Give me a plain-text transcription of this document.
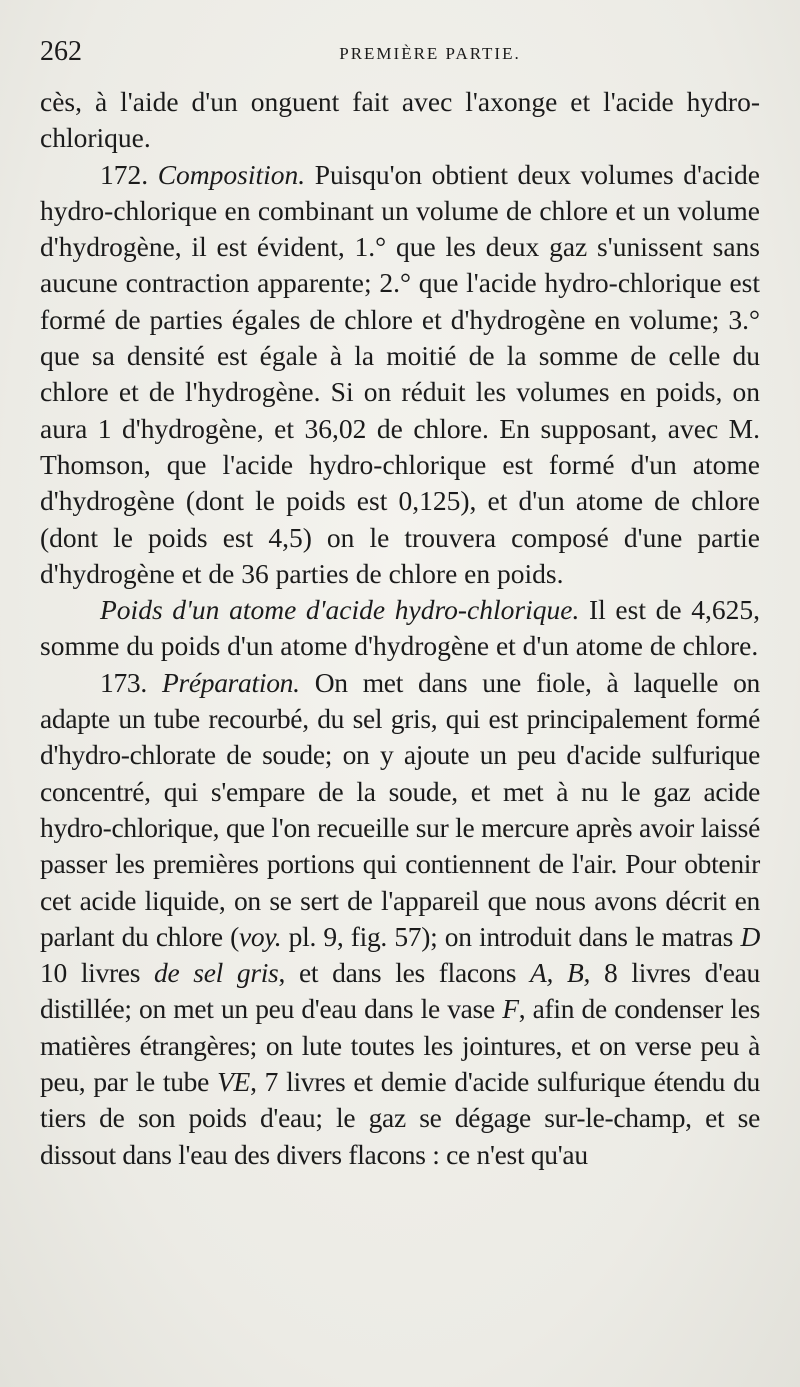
262	PREMIÈRE PARTIE.

cès, à l'aide d'un onguent fait avec l'axonge et l'acide hydro-chlorique.

172. Composition. Puisqu'on obtient deux volumes d'acide hydro-chlorique en combinant un volume de chlore et un volume d'hydrogène, il est évident, 1.° que les deux gaz s'unissent sans aucune contraction apparente; 2.° que l'acide hydro-chlorique est formé de parties égales de chlore et d'hydrogène en volume; 3.° que sa densité est égale à la moitié de la somme de celle du chlore et de l'hydrogène. Si on réduit les volumes en poids, on aura 1 d'hydrogène, et 36,02 de chlore. En supposant, avec M. Thomson, que l'acide hydro-chlorique est formé d'un atome d'hydrogène (dont le poids est 0,125), et d'un atome de chlore (dont le poids est 4,5) on le trouvera composé d'une partie d'hydrogène et de 36 parties de chlore en poids.

Poids d'un atome d'acide hydro-chlorique. Il est de 4,625, somme du poids d'un atome d'hydrogène et d'un atome de chlore.

173. Préparation. On met dans une fiole, à laquelle on adapte un tube recourbé, du sel gris, qui est principalement formé d'hydro-chlorate de soude; on y ajoute un peu d'acide sulfurique concentré, qui s'empare de la soude, et met à nu le gaz acide hydro-chlorique, que l'on recueille sur le mercure après avoir laissé passer les premières portions qui contiennent de l'air. Pour obtenir cet acide liquide, on se sert de l'appareil que nous avons décrit en parlant du chlore (voy. pl. 9, fig. 57); on introduit dans le matras D 10 livres de sel gris, et dans les flacons A, B, 8 livres d'eau distillée; on met un peu d'eau dans le vase F, afin de condenser les matières étrangères; on lute toutes les jointures, et on verse peu à peu, par le tube VE, 7 livres et demie d'acide sulfurique étendu du tiers de son poids d'eau; le gaz se dégage sur-le-champ, et se dissout dans l'eau des divers flacons : ce n'est qu'au
